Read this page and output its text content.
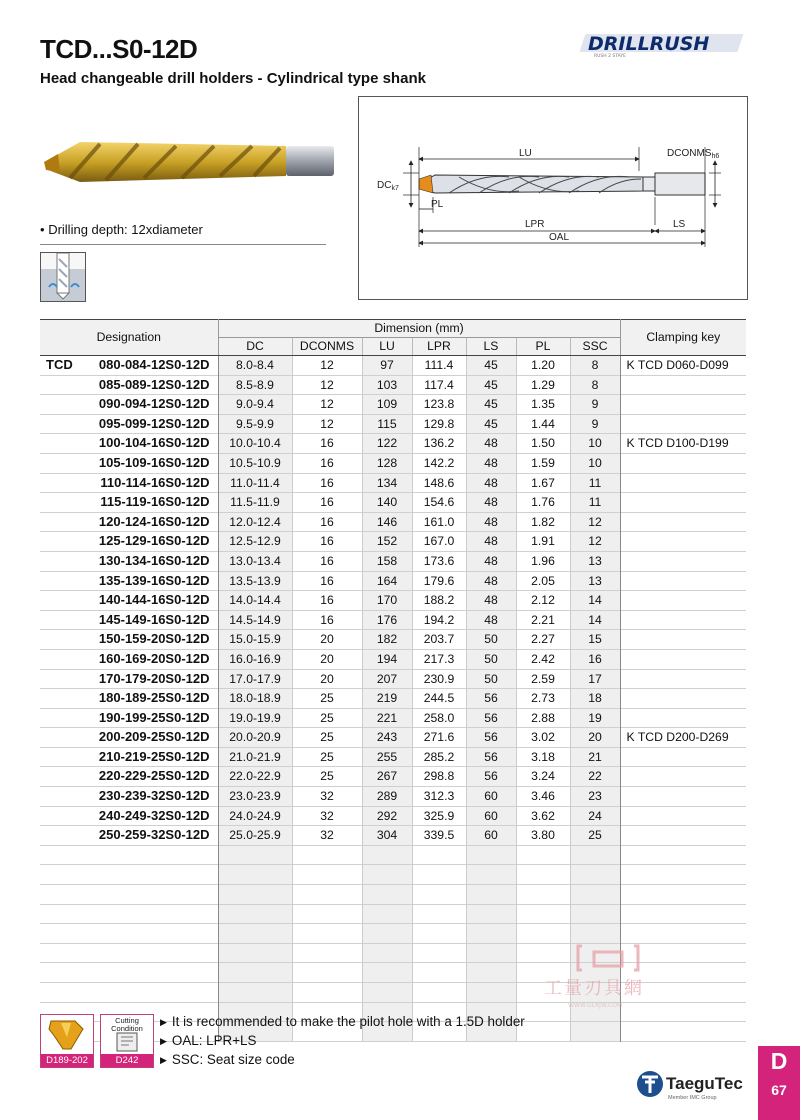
TCD...S0-12D
Head changeable drill holders - Cylindrical type shank
DRILLRUSH
RUSH 2 STAYE
• Drilling depth: 12xdiameter
LU	$DCONMS_{h6}$
$DC_{k7}$
PL
LPR	LS
OAL
Designation	Dimension (mm)							Clamping key
	DC	DCONMS	LU	LPR	LS	PL	SSC	

TCD 080-084-12S0-12D	8.0-8.4	12	97	111.4	45	1.20	8	K TCD D060-D099
085-089-12S0-12D	8.5-8.9	12	103	117.4	45	1.29	8	
090-094-12S0-12D	9.0-9.4	12	109	123.8	45	1.35	9	
095-099-12S0-12D	9.5-9.9	12	115	129.8	45	1.44	9	
100-104-16S0-12D	10.0-10.4	16	122	136.2	48	1.50	10	K TCD D100-D199
105-109-16S0-12D	10.5-10.9	16	128	142.2	48	1.59	10	
110-114-16S0-12D	11.0-11.4	16	134	148.6	48	1.67	11	
115-119-16S0-12D	11.5-11.9	16	140	154.6	48	1.76	11	
120-124-16S0-12D	12.0-12.4	16	146	161.0	48	1.82	12	
125-129-16S0-12D	12.5-12.9	16	152	167.0	48	1.91	12	
130-134-16S0-12D	13.0-13.4	16	158	173.6	48	1.96	13	
135-139-16S0-12D	13.5-13.9	16	164	179.6	48	2.05	13	
140-144-16S0-12D	14.0-14.4	16	170	188.2	48	2.12	14	
145-149-16S0-12D	14.5-14.9	16	176	194.2	48	2.21	14	
150-159-20S0-12D	15.0-15.9	20	182	203.7	50	2.27	15	
160-169-20S0-12D	16.0-16.9	20	194	217.3	50	2.42	16	
170-179-20S0-12D	17.0-17.9	20	207	230.9	50	2.59	17	
180-189-25S0-12D	18.0-18.9	25	219	244.5	56	2.73	18	
190-199-25S0-12D	19.0-19.9	25	221	258.0	56	2.88	19	
200-209-25S0-12D	20.0-20.9	25	243	271.6	56	3.02	20	K TCD D200-D269
210-219-25S0-12D	21.0-21.9	25	255	285.2	56	3.18	21	
220-229-25S0-12D	22.0-22.9	25	267	298.8	56	3.24	22	
230-239-32S0-12D	23.0-23.9	32	289	312.3	60	3.46	23	
240-249-32S0-12D	24.0-24.9	32	292	325.9	60	3.62	24	
250-259-32S0-12D	25.0-25.9	32	304	339.5	60	3.80	25	

工量刃具網
WWW.GLRJW.COM
D189-202
Cutting Condition
D242
▶ It is recommended to make the pilot hole with a 1.5D holder
▶ OAL: LPR+LS
▶ SSC: Seat size code
TaeguTec
Member IMC Group
D
67
